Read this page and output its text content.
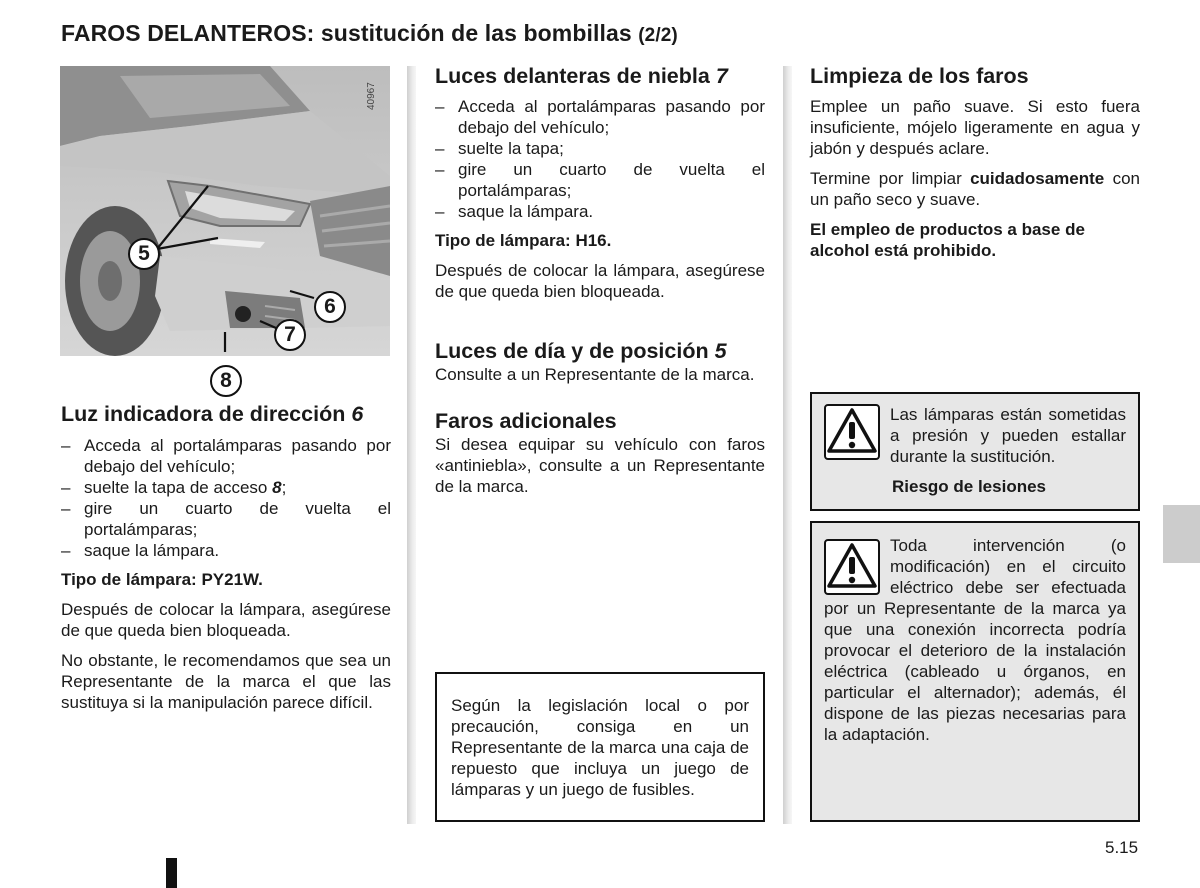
FAROS DELANTEROS: sustitución de las bombillas (2/2)
40967
5
6
7
8
Luz indicadora de dirección 6
– Acceda al portalámparas pasando por debajo del vehículo;
– suelte la tapa de acceso 8;
– gire un cuarto de vuelta el portalámparas;
– saque la lámpara.

Tipo de lámpara: PY21W.

Después de colocar la lámpara, asegúrese de que queda bien bloqueada.

No obstante, le recomendamos que sea un Representante de la marca el que las sustituya si la manipulación parece difícil.

Luces delanteras de niebla 7
– Acceda al portalámparas pasando por debajo del vehículo;
– suelte la tapa;
– gire un cuarto de vuelta el portalámparas;
– saque la lámpara.

Tipo de lámpara: H16.

Después de colocar la lámpara, asegúrese de que queda bien bloqueada.

Luces de día y de posición 5

Consulte a un Representante de la marca.

Faros adicionales

Si desea equipar su vehículo con faros «antiniebla», consulte a un Representante de la marca.

Según la legislación local o por precaución, consiga en un Representante de la marca una caja de repuesto que incluya un juego de lámparas y un juego de fusibles.

Limpieza de los faros

Emplee un paño suave. Si esto fuera insuficiente, mójelo ligeramente en agua y jabón y después aclare.

Termine por limpiar cuidadosamente con un paño seco y suave.

El empleo de productos a base de alcohol está prohibido.

Las lámparas están sometidas a presión y pueden estallar durante la sustitución.

Riesgo de lesiones

Toda intervención (o modificación) en el circuito eléctrico debe ser efectuada por un Representante de la marca ya que una conexión incorrecta podría provocar el deterioro de la instalación eléctrica (cableado u órganos, en particular el alternador); además, él dispone de las piezas necesarias para la adaptación.

5.15
